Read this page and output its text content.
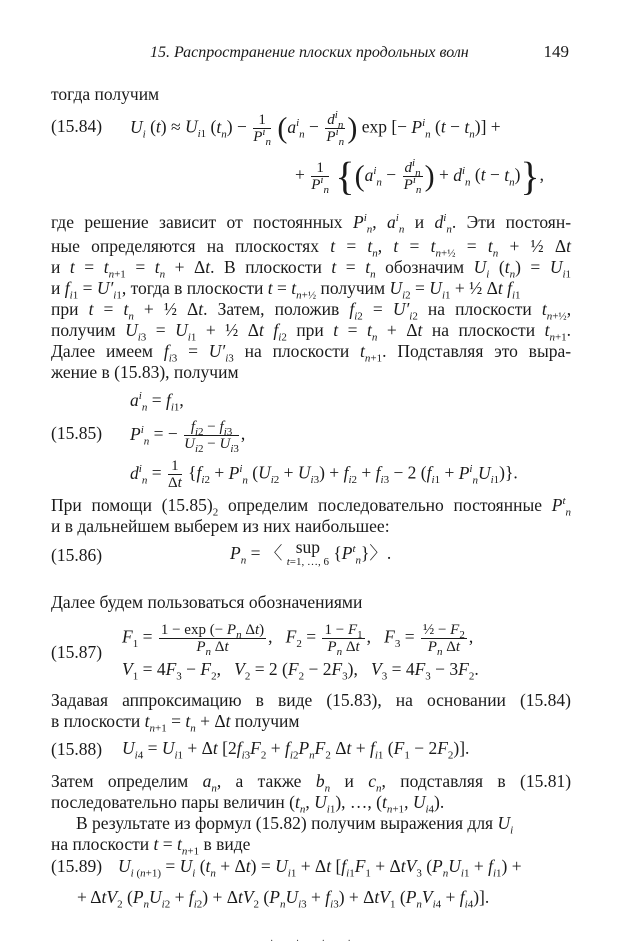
15. Распространение плоских продольных волн	149
тогда получим
(15.84) $U_i$ $(t) \approx U_{i1}$ $(t_n) - \frac{1}{P^i_n} (a^i_n - \frac{d^i_n}{P^i_n}$ ) exp [− $P^i_n$ $(t - t_n)$] +
+ $\frac{1}{P^i_n} \{(a^i_n - \frac{d^i_n}{P^i_n}$ ) + $d^i_n$ $(t - t_n)$},
где решение зависит от постоянных $P^i_n$, $a^i_n$ и $d^i_n$. Эти постоян-
ные определяются на плоскостях $t = t_n$, $t = t_{n+\frac{1}{2}} = t_n$ + ½ Δt
и $t = t_{n+1} = t_n + \Delta t$. В плоскости $t = t_n$ обозначим $U_i$ $(t_n) = U_{i1}$
и $f_{i1} = U'_{i1}$, тогда в плоскости $t = t_{n+\frac{1}{2}}$ получим $U_{i2} = U_{i1}$ + ½ Δt $f_{i1}$
при $t = t_n$ + ½ Δt. Затем, положив $f_{i2} = U'_{i2}$ на плоскости $t_{n+\frac{1}{2}}$,
получим $U_{i3} = U_{i1}$ + ½ Δt $f_{i2}$ при $t = t_n + \Delta t$ на плоскости $t_{n+1}$.
Далее имеем $f_{i3} = U'_{i3}$ на плоскости $t_{n+1}$. Подставляя это выра-
жение в (15.83), получим
$a^i_n = f_{i1}$,
(15.85) $P^i_n$ = − $\frac{f_{i2} - f_{i3}}{U_{i2} - U_{i3}}$ ,
$d^i_n = \frac{1}{\Delta t} \{f_{i2} + P^i_n$ $(U_{i2} + U_{i3}) + f_{i2} + f_{i3} - 2$ $(f_{i1} + P^i_nU_{i1})$}.
При помощи $(15.85)_2$ определим последовательно постоянные $P^t_n$
и в дальнейшем выберем из них наибольшее:
(15.86)	$P_n$ = 〈 sup
t=1, …, 6 $\{P^t_n\}$〉.
Далее будем пользоваться обозначениями
$F_1 = \frac{1 - \exp (- P_n \Delta t)}{P_n \Delta t}$ ,   $F_2 = \frac{1 - F_1}{P_n \Delta t}$ ,   $F_3 = \frac{\frac{1}{2} - F_2}{P_n \Delta t}$ ,
(15.87)
$V_1 = 4F_3 - F_2$,   $V_2 = 2$ $(F_2 - 2F_3)$,   $V_3 = 4F_3 - 3F_2$.
Задавая аппроксимацию в виде (15.83), на основании (15.84)
в плоскости $t_{n+1} = t_n + \Delta t$ получим
(15.88) $U_{i4} = U_{i1} + \Delta t$ [$2f_{i3}F_2 + f_{i2}P_nF_2$ $\Delta t + f_{i1}$ $(F_1 - 2F_2)$].
Затем определим $a_n$, а также $b_n$ и $c_n$, подставляя в (15.81)
последовательно пары величин ($t_n$, $U_{i1}$), …, ($t_{n+1}$, $U_{i4}$).
В результате из формул (15.82) получим выражения для $U_i$
на плоскости $t = t_{n+1}$ в виде
(15.89) $U_{i (n+1)} = U_i$ $(t_n + \Delta t) = U_{i1} + \Delta t$ [$f_{i1}F_1 + \Delta tV_3$ $(P_nU_{i1} + f_{i1})$ +
+ ΔtV$_2$ $(P_nU_{i2} + f_{i2}) + \Delta tV_2$ $(P_nU_{i3} + f_{i3}) + \Delta tV_1$ $(P_nV_{i4} + f_{i4})$].
· · · ·
